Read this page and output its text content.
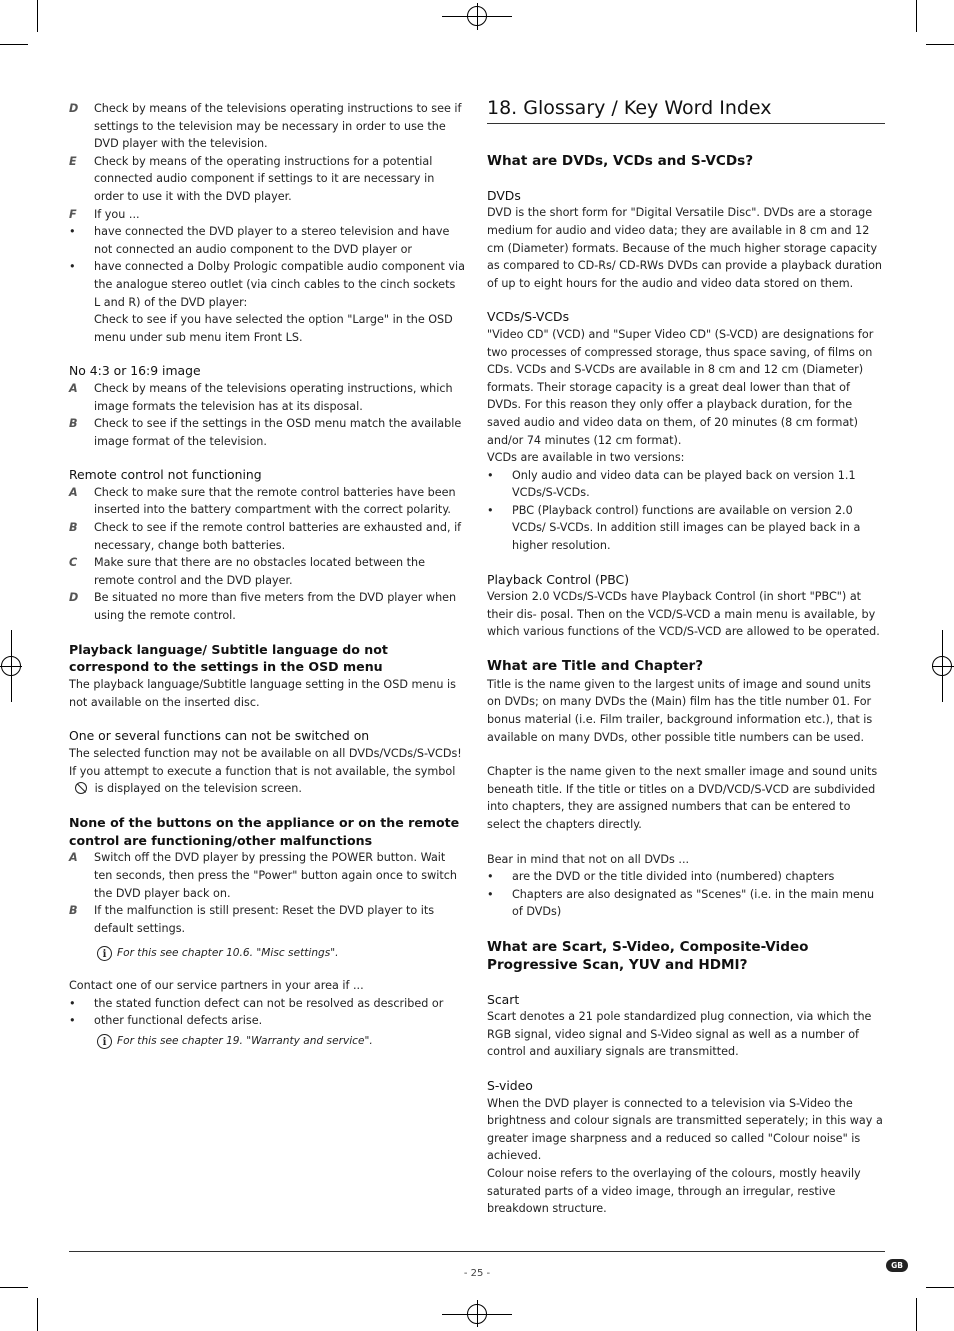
D Check by means of the televisions operating instructions to see if settings to the television may be necessary in order to use the DVD player with the television.
E Check by means of the operating instructions for a potential connected audio component if settings to it are necessary in order to use it with the DVD player.
F If you ...
• have connected the DVD player to a stereo television and have not connected an audio component to the DVD player or
• have connected a Dolby Prologic compatible audio component via the analogue stereo outlet (via cinch cables to the cinch sockets L and R) of the DVD player:

Check to see if you have selected the option "Large" in the OSD menu under sub menu item Front LS.

No 4:3 or 16:9 image

A Check by means of the televisions operating instructions, which image formats the television has at its disposal.
B Check to see if the settings in the OSD menu match the available image format of the television.

Remote control not functioning

A Check to make sure that the remote control batteries have been inserted into the battery compartment with the correct polarity.
B Check to see if the remote control batteries are exhausted and, if necessary, change both batteries.
C Make sure that there are no obstacles located between the remote control and the DVD player.
D Be situated no more than five meters from the DVD player when using the remote control.

Playback language/ Subtitle language do not correspond to the settings in the OSD menu

The playback language/Subtitle language setting in the OSD menu is not available on the inserted disc.

One or several functions can not be switched on

The selected function may not be available on all DVDs/VCDs/S-VCDs!

If you attempt to execute a function that is not available, the symbol is displayed on the television screen.

None of the buttons on the appliance or on the remote control are functioning/other malfunctions

A Switch off the DVD player by pressing the POWER button. Wait ten seconds, then press the "Power" button again once to switch the DVD player back on.
B If the malfunction is still present: Reset the DVD player to its default settings.

i For this see chapter 10.6. "Misc settings".

Contact one of our service partners in your area if ...

• the stated function defect can not be resolved as described or
• other functional defects arise.

i For this see chapter 19. "Warranty and service".

18. Glossary / Key Word Index

What are DVDs, VCDs and S-VCDs?

DVDs

DVD is the short form for "Digital Versatile Disc". DVDs are a storage medium for audio and video data; they are available in 8 cm and 12 cm (Diameter) formats. Because of the much higher storage capacity as compared to CD-Rs/ CD-RWs DVDs can provide a playback duration of up to eight hours for the audio and video data stored on them.

VCDs/S-VCDs

"Video CD" (VCD) and "Super Video CD" (S-VCD) are designations for two processes of compressed storage, thus space saving, of films on CDs. VCDs and S-VCDs are available in 8 cm and 12 cm (Diameter) formats. Their storage capacity is a great deal lower than that of DVDs. For this reason they only offer a playback duration, for the saved audio and video data on them, of 20 minutes (8 cm format) and/or 74 minutes (12 cm format).

VCDs are available in two versions:

• Only audio and video data can be played back on version 1.1 VCDs/S-VCDs.
• PBC (Playback control) functions are available on version 2.0 VCDs/ S-VCDs. In addition still images can be played back in a higher resolution.

Playback Control (PBC)

Version 2.0 VCDs/S-VCDs have Playback Control (in short "PBC") at their dis- posal. Then on the VCD/S-VCD a main menu is available, by which various functions of the VCD/S-VCD are allowed to be operated.

What are Title and Chapter?

Title is the name given to the largest units of image and sound units on DVDs; on many DVDs the (Main) film has the title number 01. For bonus material (i.e. Film trailer, background information etc.), that is available on many DVDs, other possible title numbers can be used.

Chapter is the name given to the next smaller image and sound units beneath title. If the title or titles on a DVD/VCD/S-VCD are subdivided into chapters, they are assigned numbers that can be entered to select the chapters directly.

Bear in mind that not on all DVDs ...

• are the DVD or the title divided into (numbered) chapters
• Chapters are also designated as "Scenes" (i.e. in the main menu of DVDs)

What are Scart, S-Video, Composite-Video Progressive Scan, YUV and HDMI?

Scart

Scart denotes a 21 pole standardized plug connection, via which the RGB signal, video signal and S-Video signal as well as a number of control and auxiliary signals are transmitted.

S-video

When the DVD player is connected to a television via S-Video the brightness and colour signals are transmitted seperately; in this way a greater image sharpness and a reduced so called "Colour noise" is achieved.

Colour noise refers to the overlaying of the colours, mostly heavily saturated parts of a video image, through an irregular, restive breakdown structure.

- 25 -
GB
